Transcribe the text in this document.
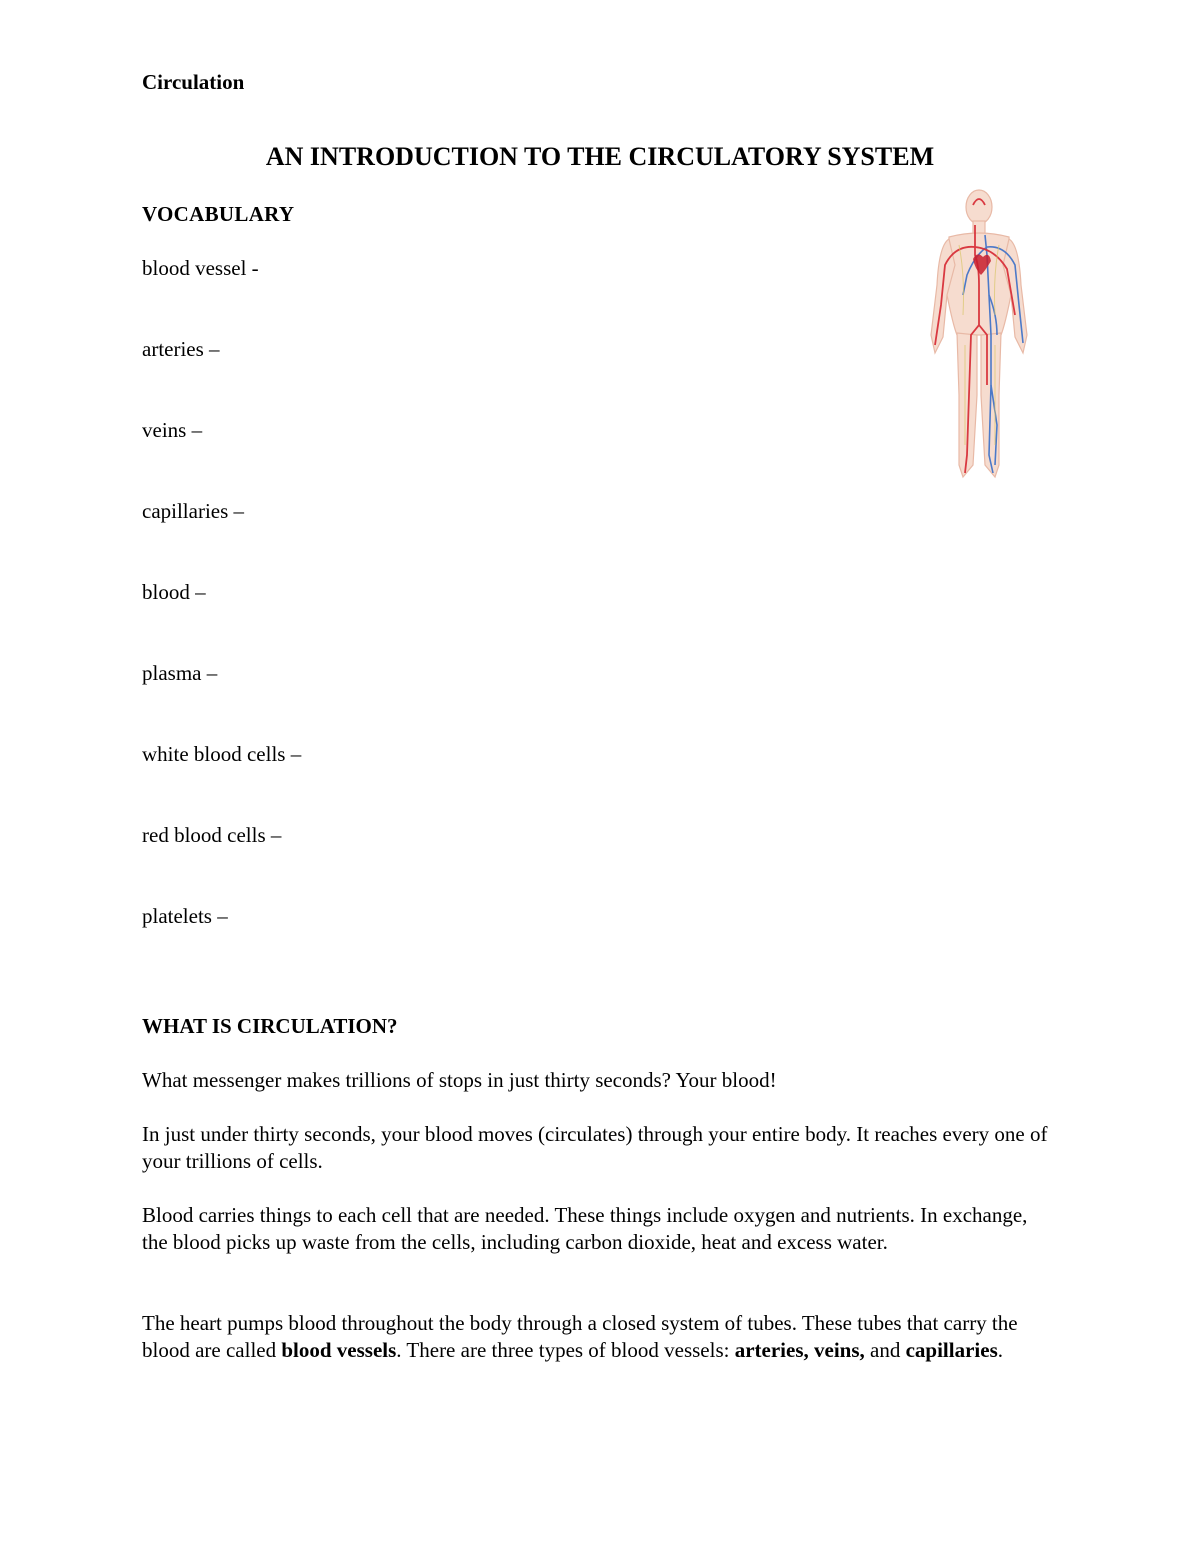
Circulation
AN INTRODUCTION TO THE CIRCULATORY SYSTEM
VOCABULARY
blood vessel -
arteries –
veins –
capillaries –
blood –
plasma –
white blood cells –
red blood cells –
platelets –
WHAT IS CIRCULATION?

What messenger makes trillions of stops in just thirty seconds? Your blood!

In just under thirty seconds, your blood moves (circulates) through your entire body. It reaches every one of your trillions of cells.

Blood carries things to each cell that are needed. These things include oxygen and nutrients. In exchange, the blood picks up waste from the cells, including carbon dioxide, heat and excess water.

The heart pumps blood throughout the body through a closed system of tubes. These tubes that carry the blood are called blood vessels. There are three types of blood vessels: arteries, veins, and capillaries.
